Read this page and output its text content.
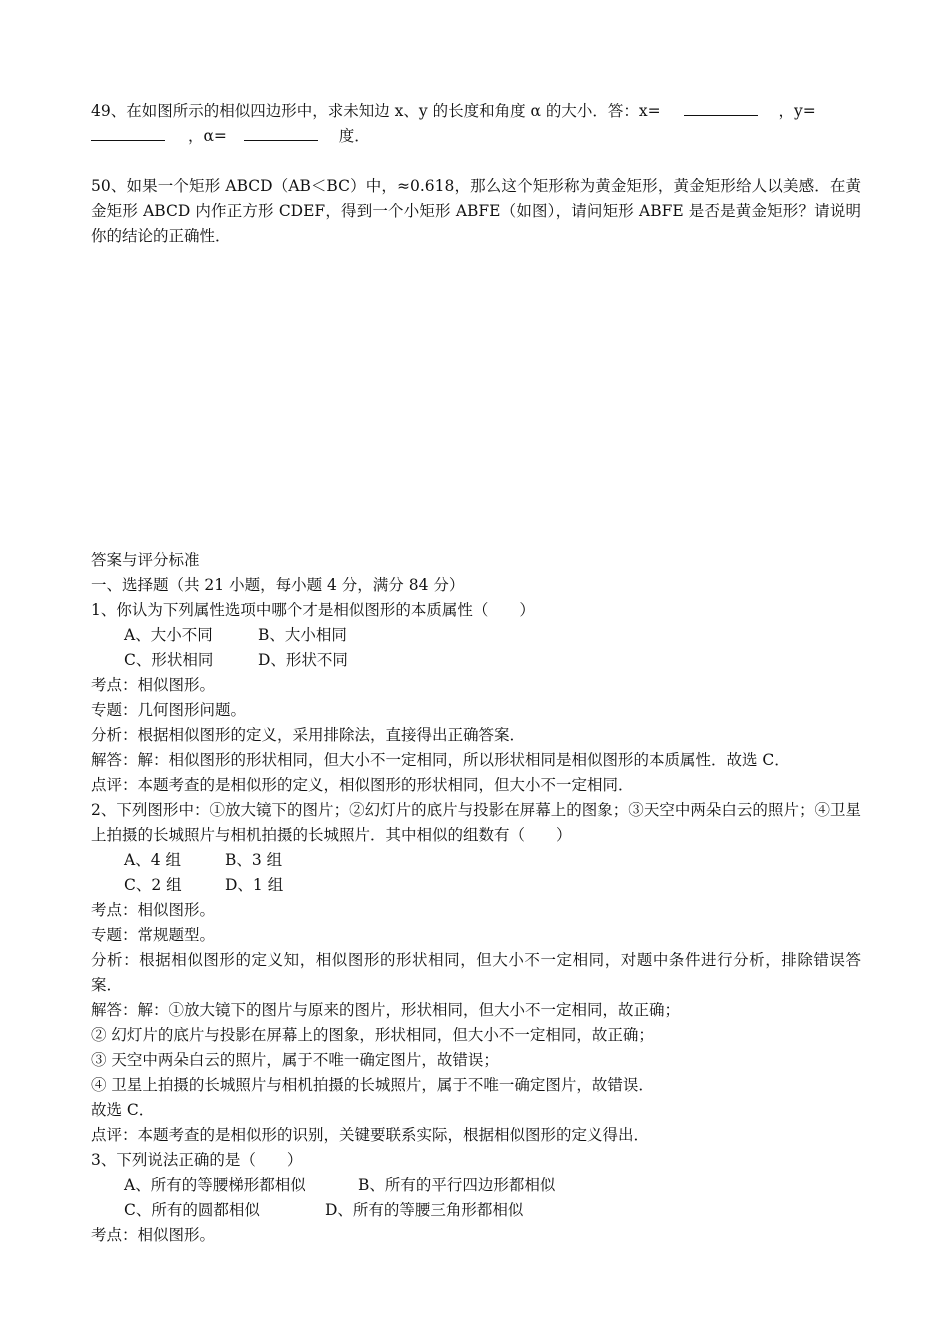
49、在如图所示的相似四边形中，求未知边 x、y 的长度和角度 α 的大小．答：x=	，y=
，α=	度．
50、如果一个矩形 ABCD（AB＜BC）中，≈0.618，那么这个矩形称为黄金矩形，黄金矩形给人以美感．在黄金矩形 ABCD 内作正方形 CDEF，得到一个小矩形 ABFE（如图），请问矩形 ABFE 是否是黄金矩形？请说明你的结论的正确性．
答案与评分标准
一、选择题（共 21 小题，每小题 4 分，满分 84 分）
1、你认为下列属性选项中哪个才是相似图形的本质属性（　　）
A、大小不同	B、大小相同
C、形状相同	D、形状不同
考点：相似图形。
专题：几何图形问题。
分析：根据相似图形的定义，采用排除法，直接得出正确答案．
解答：解：相似图形的形状相同，但大小不一定相同，所以形状相同是相似图形的本质属性．故选 C．
点评：本题考查的是相似形的定义，相似图形的形状相同，但大小不一定相同．
2、下列图形中：①放大镜下的图片；②幻灯片的底片与投影在屏幕上的图象；③天空中两朵白云的照片；④卫星上拍摄的长城照片与相机拍摄的长城照片．其中相似的组数有（　　）
A、4 组	B、3 组
C、2 组	D、1 组
考点：相似图形。
专题：常规题型。
分析：根据相似图形的定义知，相似图形的形状相同，但大小不一定相同，对题中条件进行分析，排除错误答案．
解答：解：①放大镜下的图片与原来的图片，形状相同，但大小不一定相同，故正确；
② 幻灯片的底片与投影在屏幕上的图象，形状相同，但大小不一定相同，故正确；
③ 天空中两朵白云的照片，属于不唯一确定图片，故错误；
④ 卫星上拍摄的长城照片与相机拍摄的长城照片，属于不唯一确定图片，故错误．
故选 C．
点评：本题考查的是相似形的识别，关键要联系实际，根据相似图形的定义得出．
3、下列说法正确的是（　　）
A、所有的等腰梯形都相似	B、所有的平行四边形都相似
C、所有的圆都相似	D、所有的等腰三角形都相似
考点：相似图形。
